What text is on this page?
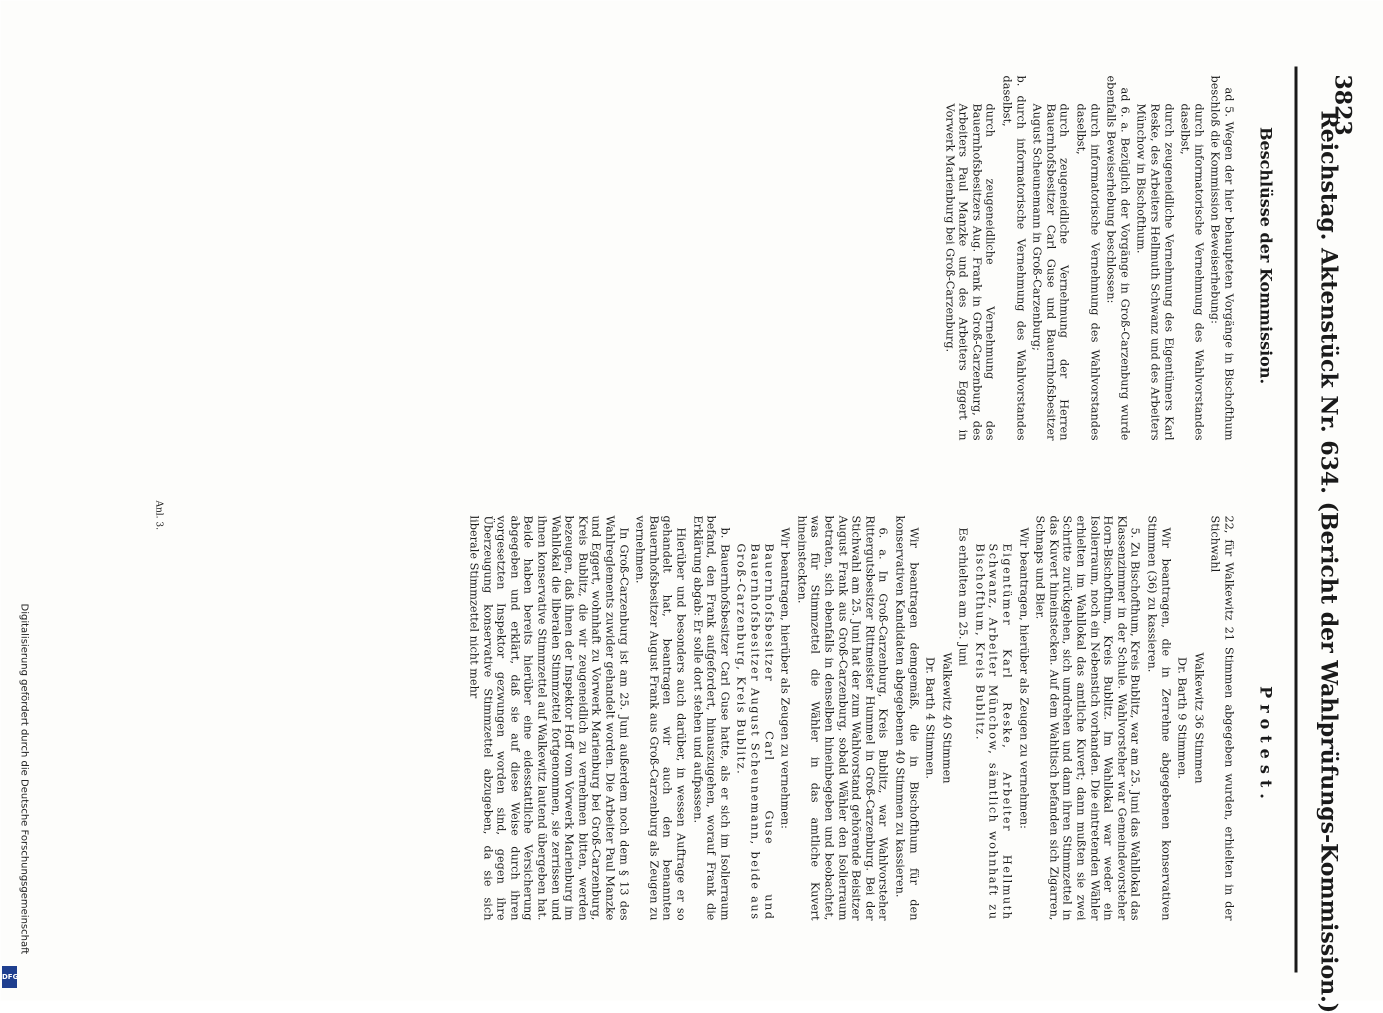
Reichstag. Aktenstück Nr. 634. (Bericht der Wahlprüfungs-Kommission.)
3823
Protest.
Beschlüsse der Kommission.

22, für Walkewitz 21 Stimmen abgegeben wurden, erhielten in der Stichwahl

Walkewitz 36 Stimmen

Dr. Barth 9 Stimmen.

Wir beantragen, die in Zerrehne abgegebenen konservativen Stimmen (36) zu kassieren.

5. Zu Bischofthum, Kreis Bublitz, war am 25. Juni das Wahllokal das Klassenzimmer in der Schule. Wahlvorsteher war Gemeindevorsteher Horn-Bischofthum, Kreis Bublitz. Im Wahllokal war weder ein Isolierraum, noch ein Nebenstich vorhanden. Die eintretenden Wähler erhielten im Wahllokal das amtliche Kuvert; dann mußten sie zwei Schritte zurückgehen, sich umdrehen und dann ihren Stimmzettel in das Kuvert hineinstecken. Auf dem Wahltisch befanden sich Zigarren, Schnaps und Bier.

Wir beantragen, hierüber als Zeugen zu vernehmen:

Eigentümer Karl Reske, Arbeiter Hellmuth Schwanz, Arbeiter Münchow, sämtlich wohnhaft zu Bischofthum, Kreis Bublitz.

Es erhielten am 25. Juni

Walkewitz 40 Stimmen

Dr. Barth 4 Stimmen.

Wir beantragen demgemäß, die in Bischofthum für den konservativen Kandidaten abgegebenen 40 Stimmen zu kassieren.

6. a. In Groß-Carzenburg, Kreis Bublitz, war Wahlvorsteher Rittergutsbesitzer Rittmeister Hummel in Groß-Carzenburg. Bei der Stichwahl am 25. Juni hat der zum Wahlvorstand gehörende Beisitzer August Frank aus Groß-Carzenburg, sobald Wähler den Isolierraum betraten, sich ebenfalls in denselben hineinbegeben und beobachtet, was für Stimmzettel die Wähler in das amtliche Kuvert hineinsteckten.

Wir beantragen, hierüber als Zeugen zu vernehmen:

Bauernhofsbesitzer Carl Guse und Bauernhofsbesitzer August Scheunemann, beide aus Groß-Carzenburg, Kreis Bublitz.

b. Bauernhofsbesitzer Carl Guse hatte, als er sich im Isolierraum befand, den Frank aufgefordert, hinauszugehen, worauf Frank die Erklärung abgab: Er solle dort stehen und aufpassen.

Hierüber und besonders auch darüber, in wessen Auftrage er so gehandelt hat, beantragen wir auch den benannten Bauernhofsbesitzer August Frank aus Groß-Carzenburg als Zeugen zu vernehmen.

In Groß-Carzenburg ist am 25. Juni außerdem noch dem § 13 des Wahlreglements zuwider gehandelt worden. Die Arbeiter Paul Manzke und Eggert, wohnhaft zu Vorwerk Marienburg bei Groß-Carzenburg, Kreis Bublitz, die wir zeugeneidlich zu vernehmen bitten, werden bezeugen, daß ihnen der Inspektor Hoff vom Vorwerk Marienburg im Wahllokal die liberalen Stimmzettel fortgenommen, sie zerrissen und ihnen konservative Stimmzettel auf Walkewitz lautend übergeben hat. Beide haben bereits hierüber eine eidesstattliche Versicherung abgegeben und erklärt, daß sie auf diese Weise durch ihren vorgesetzten Inspektor gezwungen worden sind, gegen ihre Überzeugung konservative Stimmzettel abzugeben, da sie sich liberale Stimmzettel nicht mehr

Anl. 3.

ad 5. Wegen der hier behaupteten Vorgänge in Bischofthum beschloß die Kommission Beweiserhebung:

durch informatorische Vernehmung des Wahlvorstandes daselbst,

durch zeugeneidliche Vernehmung des Eigentümers Karl Reske, des Arbeiters Hellmuth Schwanz und des Arbeiters Münchow in Bischofthum.

ad 6. a. Bezüglich der Vorgänge in Groß-Carzenburg wurde ebenfalls Beweiserhebung beschlossen:

durch informatorische Vernehmung des Wahlvorstandes daselbst,

durch zeugeneidliche Vernehmung der Herren Bauernhofsbesitzer Carl Guse und Bauernhofsbesitzer August Scheunemann in Groß-Carzenburg;

b. durch informatorische Vernehmung des Wahlvorstandes daselbst,

durch zeugeneidliche Vernehmung des Bauernhofsbesitzers Aug. Frank in Groß-Carzenburg, des Arbeiters Paul Manzke und des Arbeiters Eggert in Vorwerk Marienburg bei Groß-Carzenburg.

Digitalisierung gefördert durch die Deutsche Forschungsgemeinschaft
DFG
